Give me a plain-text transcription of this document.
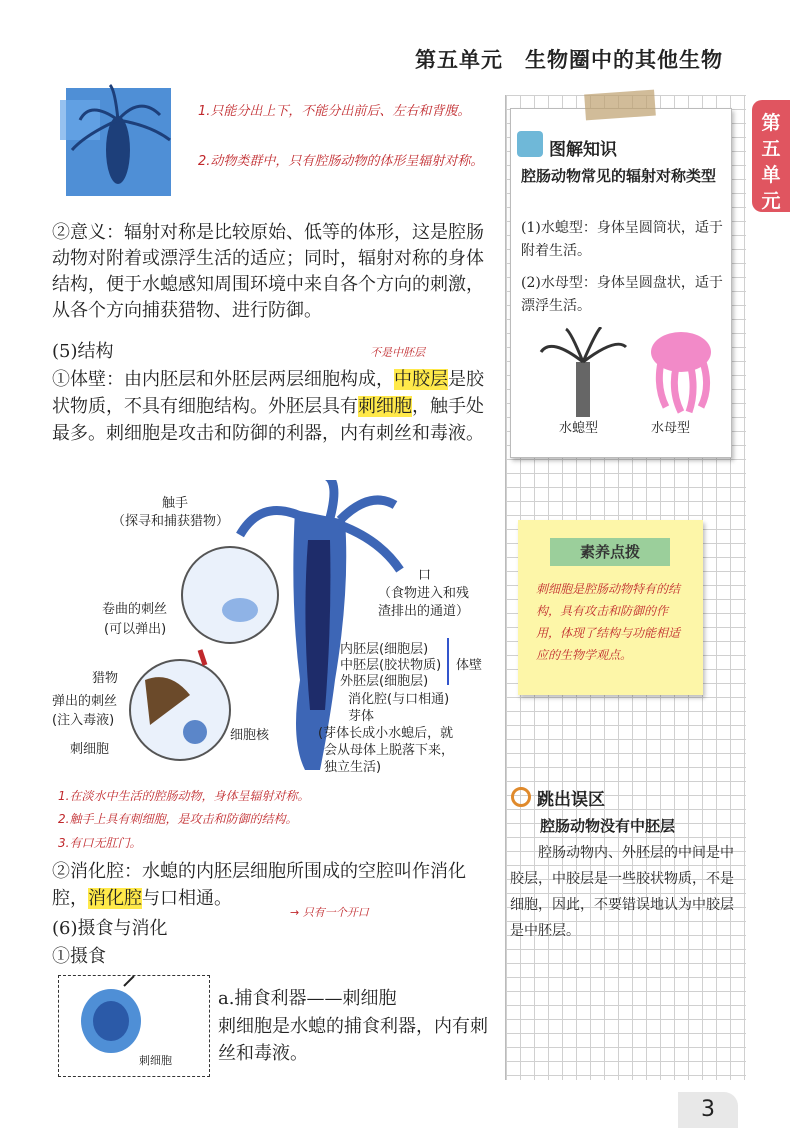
第五单元　生物圈中的其他生物
第五单元
1.只能分出上下，不能分出前后、左右和背腹。
2.动物类群中，只有腔肠动物的体形呈辐射对称。
②意义：辐射对称是比较原始、低等的体形，这是腔肠动物对附着或漂浮生活的适应；同时，辐射对称的身体结构，便于水螅感知周围环境中来自各个方向的刺激，从各个方向捕获猎物、进行防御。
(5)结构	不是中胚层
①体壁：由内胚层和外胚层两层细胞构成，中胶层是胶状物质，不具有细胞结构。外胚层具有刺细胞，触手处最多。刺细胞是攻击和防御的利器，内有刺丝和毒液。
触手
（探寻和捕获猎物）
口
（食物进入和残
渣排出的通道）
卷曲的刺丝
(可以弹出)
猎物
弹出的刺丝
(注入毒液)
刺细胞
细胞核
内胚层(细胞层)
中胚层(胶状物质)
外胚层(细胞层)
体壁
消化腔(与口相通)
芽体
(芽体长成小水螅后，就
会从母体上脱落下来，
独立生活)
1.在淡水中生活的腔肠动物，身体呈辐射对称。
2.触手上具有刺细胞，是攻击和防御的结构。
3.有口无肛门。
②消化腔：水螅的内胚层细胞所围成的空腔叫作消化腔，消化腔与口相通。
→ 只有一个开口
(6)摄食与消化
①摄食
刺细胞
a.捕食利器——刺细胞
刺细胞是水螅的捕食利器，内有刺丝和毒液。
图解知识
腔肠动物常见的辐射对称类型
(1)水螅型：身体呈圆筒状，适于附着生活。
(2)水母型：身体呈圆盘状，适于漂浮生活。
水螅型	水母型
素养点拨
刺细胞是腔肠动物特有的结构，具有攻击和防御的作用，体现了结构与功能相适应的生物学观点。
跳出误区
腔肠动物没有中胚层
腔肠动物内、外胚层的中间是中胶层，中胶层是一些胶状物质，不是细胞，因此，不要错误地认为中胶层是中胚层。
3
